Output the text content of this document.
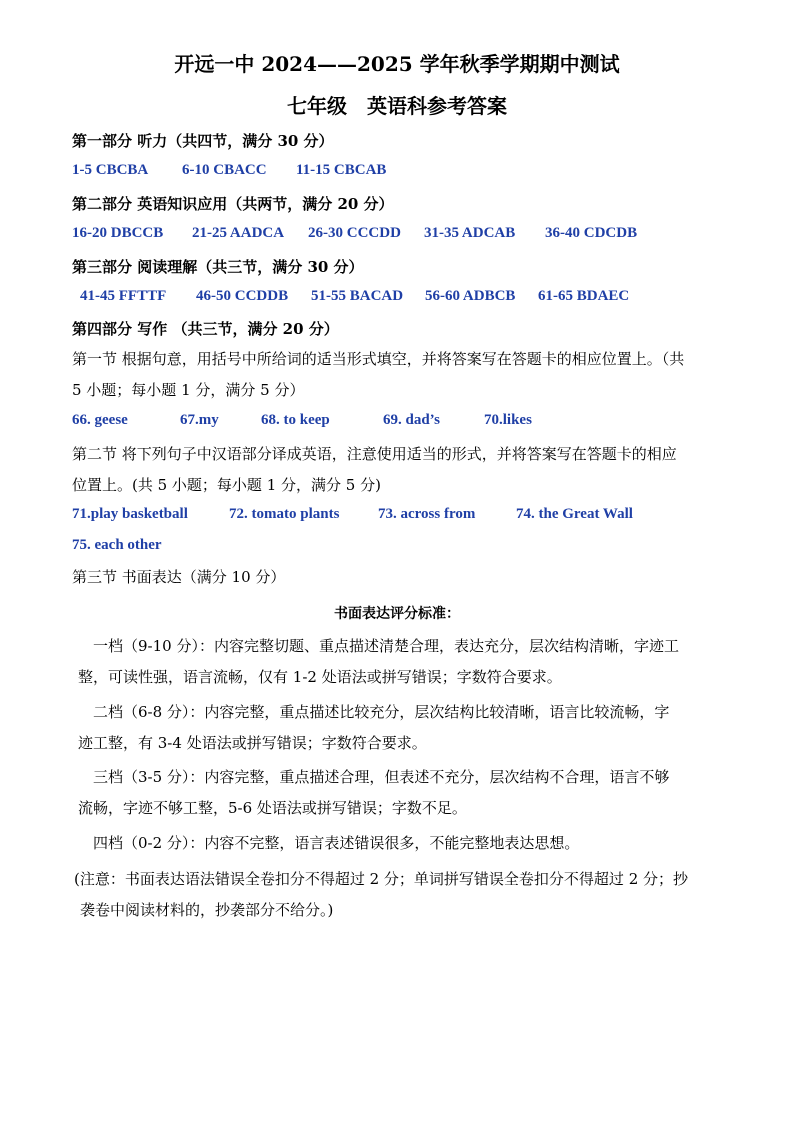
开远一中 2024——2025 学年秋季学期期中测试
七年级　英语科参考答案
第一部分 听力（共四节，满分 30 分）
1-5 CBCBA 6-10 CBACC 11-15 CBCAB
第二部分 英语知识应用（共两节，满分 20 分）
16-20 DBCCB 21-25 AADCA 26-30 CCCDD 31-35 ADCAB 36-40 CDCDB
第三部分 阅读理解（共三节，满分 30 分）
41-45 FFTTF 46-50 CCDDB 51-55 BACAD 56-60 ADBCB 61-65 BDAEC
第四部分 写作 （共三节，满分 20 分）
第一节 根据句意，用括号中所给词的适当形式填空，并将答案写在答题卡的相应位置上。（共
5 小题；每小题 1 分，满分 5 分）
66. geese	67.my	68. to keep	69. dad’s	70.likes
第二节 将下列句子中汉语部分译成英语，注意使用适当的形式，并将答案写在答题卡的相应
位置上。(共 5 小题；每小题 1 分，满分 5 分)
71.play basketball	72. tomato plants	73. across from	74. the Great Wall
75. each other
第三节 书面表达（满分 10 分）
书面表达评分标准：
　一档（9-10 分）：内容完整切题、重点描述清楚合理，表达充分，层次结构清晰，字迹工
整，可读性强，语言流畅，仅有 1-2 处语法或拼写错误；字数符合要求。
　二档（6-8 分）：内容完整，重点描述比较充分，层次结构比较清晰，语言比较流畅，字
迹工整，有 3-4 处语法或拼写错误；字数符合要求。
　三档（3-5 分）：内容完整，重点描述合理，但表述不充分，层次结构不合理，语言不够
流畅，字迹不够工整，5-6 处语法或拼写错误；字数不足。
　四档（0-2 分）：内容不完整，语言表述错误很多，不能完整地表达思想。
(注意：书面表达语法错误全卷扣分不得超过 2 分；单词拼写错误全卷扣分不得超过 2 分；抄
袭卷中阅读材料的，抄袭部分不给分。)
